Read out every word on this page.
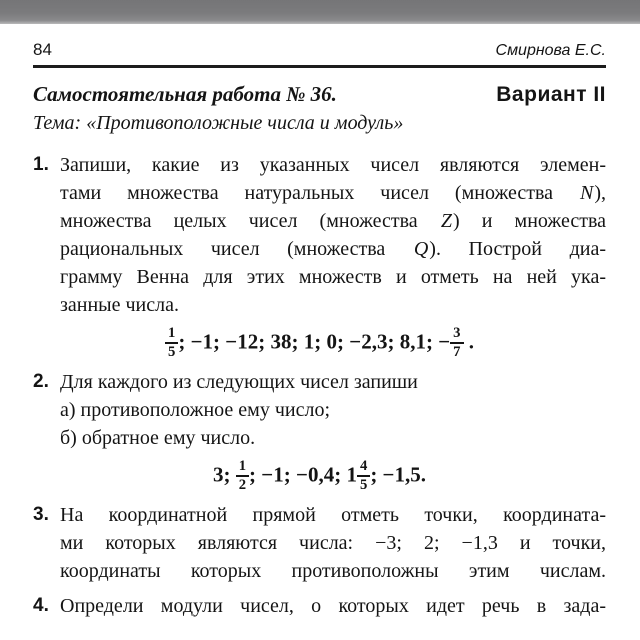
84	Смирнова Е.С.
Самостоятельная работа № 36.	Вариант II
Тема: «Противоположные числа и модуль»
1. Запиши, какие из указанных чисел являются элемен-
тами множества натуральных чисел (множества N),
множества целых чисел (множества Z) и множества
рациональных чисел (множества Q). Построй диа-
грамму Венна для этих множеств и отметь на ней ука-
занные числа.
$\frac{1}{5}$ ; −1; −12; 38; 1; 0; −2,3; 8,1; − $\frac{3}{7}$ .
2. Для каждого из следующих чисел запиши
а) противоположное ему число;
б) обратное ему число.
3; $\frac{1}{2}$ ; −1; −0,4; $1 \frac{4}{5}$ ; −1,5.
3. На координатной прямой отметь точки, координата-
ми которых являются числа: −3; 2; −1,3 и точки,
координаты которых противоположны этим числам.
4. Определи модули чисел, о которых идет речь в зада-
